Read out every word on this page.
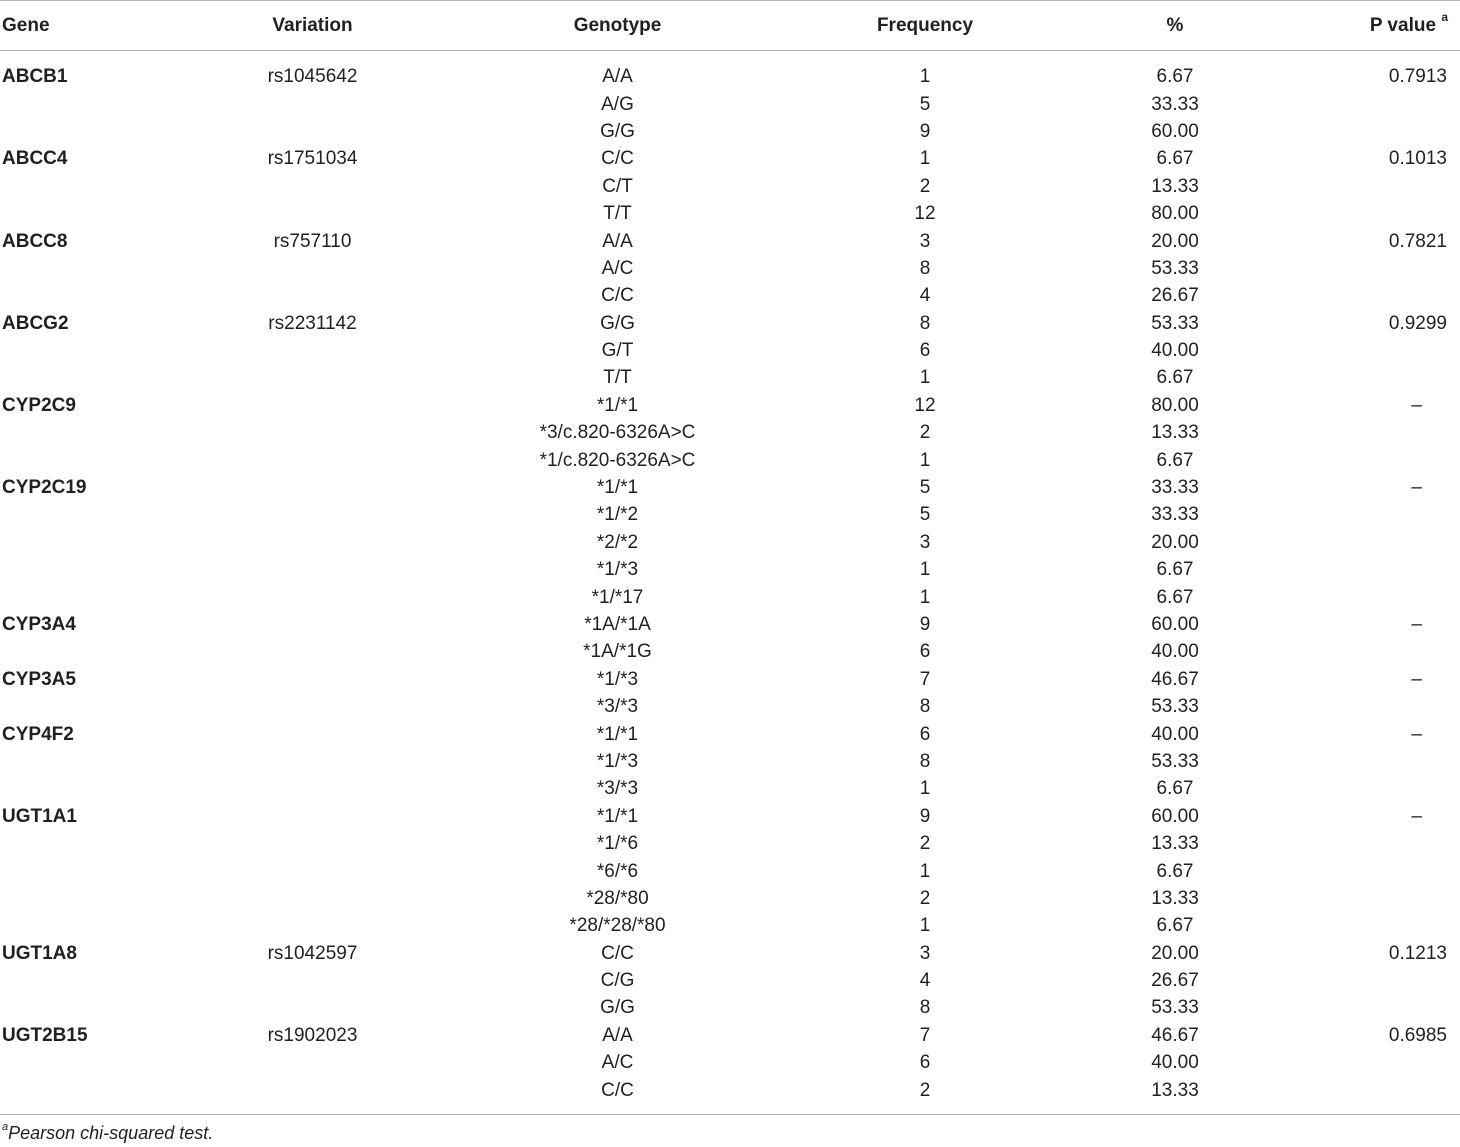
Gene	Variation	Genotype	Frequency	%	P value $^a$

ABCB1	rs1045642	A/A	1	6.67	0.7913
		A/G	5	33.33	
		G/G	9	60.00	
ABCC4	rs1751034	C/C	1	6.67	0.1013
		C/T	2	13.33	
		T/T	12	80.00	
ABCC8	rs757110	A/A	3	20.00	0.7821
		A/C	8	53.33	
		C/C	4	26.67	
ABCG2	rs2231142	G/G	8	53.33	0.9299
		G/T	6	40.00	
		T/T	1	6.67	
CYP2C9		*1/*1	12	80.00	–
		*3/c.820-6326A>C	2	13.33	
		*1/c.820-6326A>C	1	6.67	
CYP2C19		*1/*1	5	33.33	–
		*1/*2	5	33.33	
		*2/*2	3	20.00	
		*1/*3	1	6.67	
		*1/*17	1	6.67	
CYP3A4		*1A/*1A	9	60.00	–
		*1A/*1G	6	40.00	
CYP3A5		*1/*3	7	46.67	–
		*3/*3	8	53.33	
CYP4F2		*1/*1	6	40.00	–
		*1/*3	8	53.33	
		*3/*3	1	6.67	
UGT1A1		*1/*1	9	60.00	–
		*1/*6	2	13.33	
		*6/*6	1	6.67	
		*28/*80	2	13.33	
		*28/*28/*80	1	6.67	
UGT1A8	rs1042597	C/C	3	20.00	0.1213
		C/G	4	26.67	
		G/G	8	53.33	
UGT2B15	rs1902023	A/A	7	46.67	0.6985
		A/C	6	40.00	
		C/C	2	13.33	
$^a$Pearson chi-squared test.
